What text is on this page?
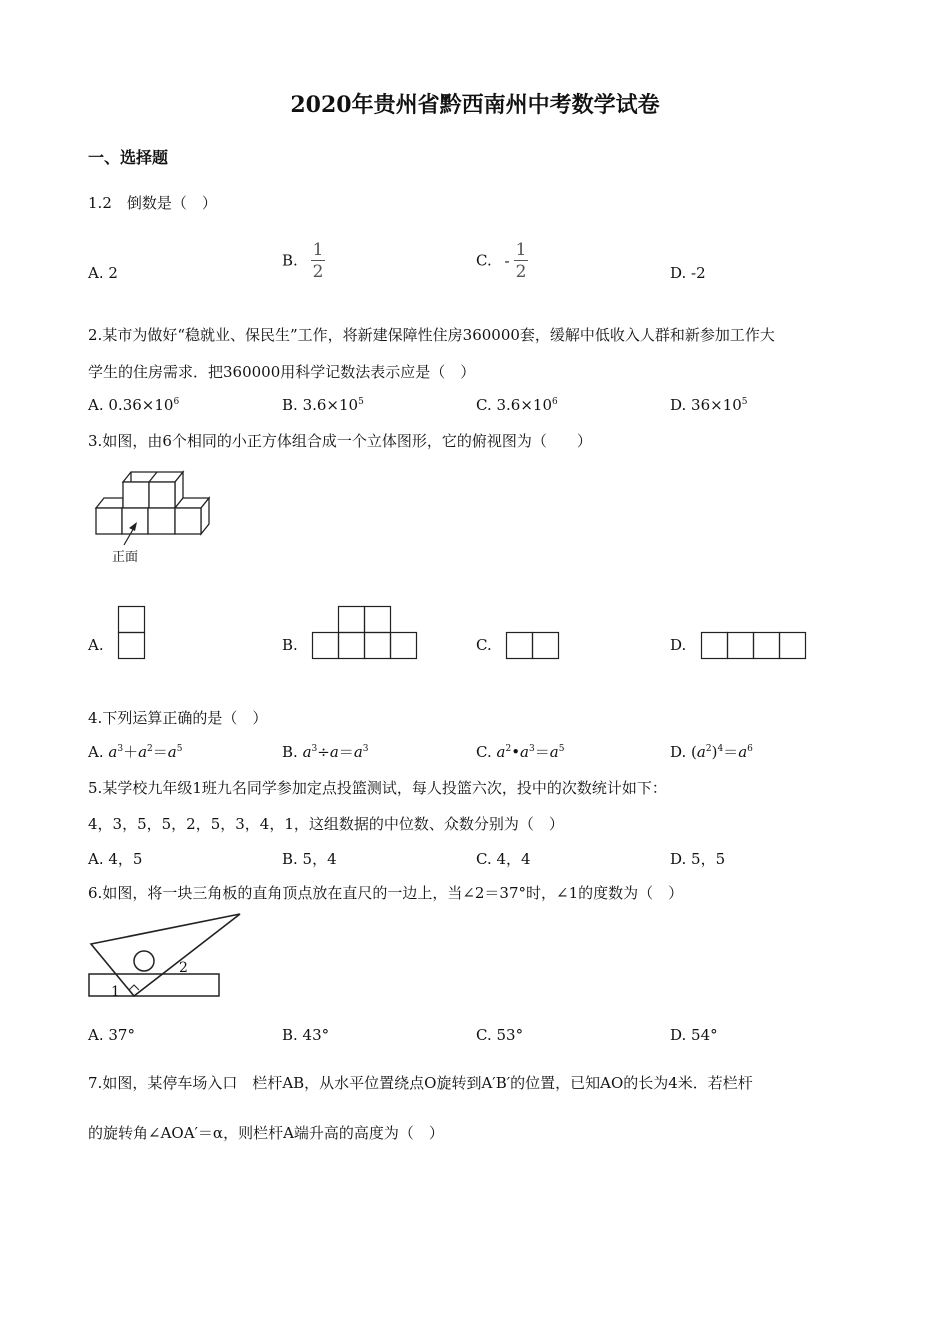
2020年贵州省黔西南州中考数学试卷
一、选择题
1.2　倒数是（　）
A. 2
B. $\frac{1}{2}$	C. - $\frac{1}{2}$	D. -2
2.某市为做好“稳就业、保民生”工作，将新建保障性住房360000套，缓解中低收入人群和新参加工作大
学生的住房需求．把360000用科学记数法表示应是（　）
A. $0.36\times 10^6$	B. $3.6\times 10^5$	C. $3.6\times 10^6$	D. $36\times 10^5$
3.如图，由6个相同的小正方体组合成一个立体图形，它的俯视图为（　　）
正面
A.	B.	C.	D.
4.下列运算正确的是（　）
A. $a^3+a^2=a^5$	B. $a^3\div a=a^3$	C. $a^2•a^3=a^5$	D. $(a^2)^4=a^6$
5.某学校九年级1班九名同学参加定点投篮测试，每人投篮六次，投中的次数统计如下：
4，3，5，5，2，5，3，4，1，这组数据的中位数、众数分别为（　）
A. 4，5	B. 5，4	C. 4，4	D. 5，5
6.如图，将一块三角板的直角顶点放在直尺的一边上，当∠2＝37°时，∠1的度数为（　）
1
2
A. 37°	B. 43°	C. 53°	D. 54°
7.如图，某停车场入口　栏杆AB，从水平位置绕点O旋转到A′B′的位置，已知AO的长为4米．若栏杆
的旋转角∠AOA′＝α，则栏杆A端升高的高度为（　）
